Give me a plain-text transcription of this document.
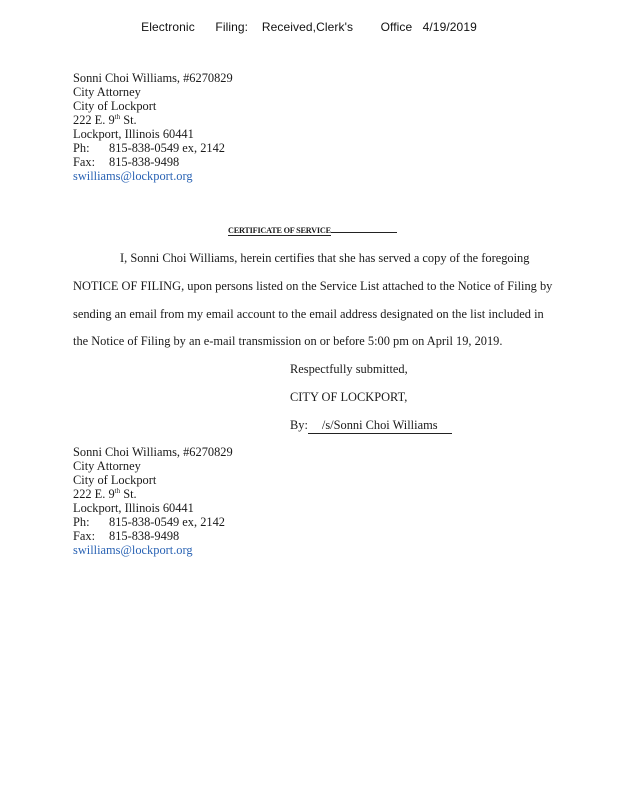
Electronic      Filing:    Received,Clerk's        Office   4/19/2019
Sonni Choi Williams, #6270829
City Attorney
City of Lockport
222 E. 9th St.
Lockport, Illinois 60441
Ph: 815-838-0549 ex, 2142
Fax: 815-838-9498
swilliams@lockport.org
CERTIFICATE OF SERVICE
I, Sonni Choi Williams, herein certifies that she has served a copy of the foregoing
NOTICE OF FILING, upon persons listed on the Service List attached to the Notice of Filing by
sending an email from my email account to the email address designated on the list included in
the Notice of Filing by an e-mail transmission on or before 5:00 pm on April 19, 2019.
Respectfully submitted,
CITY OF LOCKPORT,
By: /s/Sonni Choi Williams
Sonni Choi Williams, #6270829
City Attorney
City of Lockport
222 E. 9th St.
Lockport, Illinois 60441
Ph: 815-838-0549 ex, 2142
Fax: 815-838-9498
swilliams@lockport.org
